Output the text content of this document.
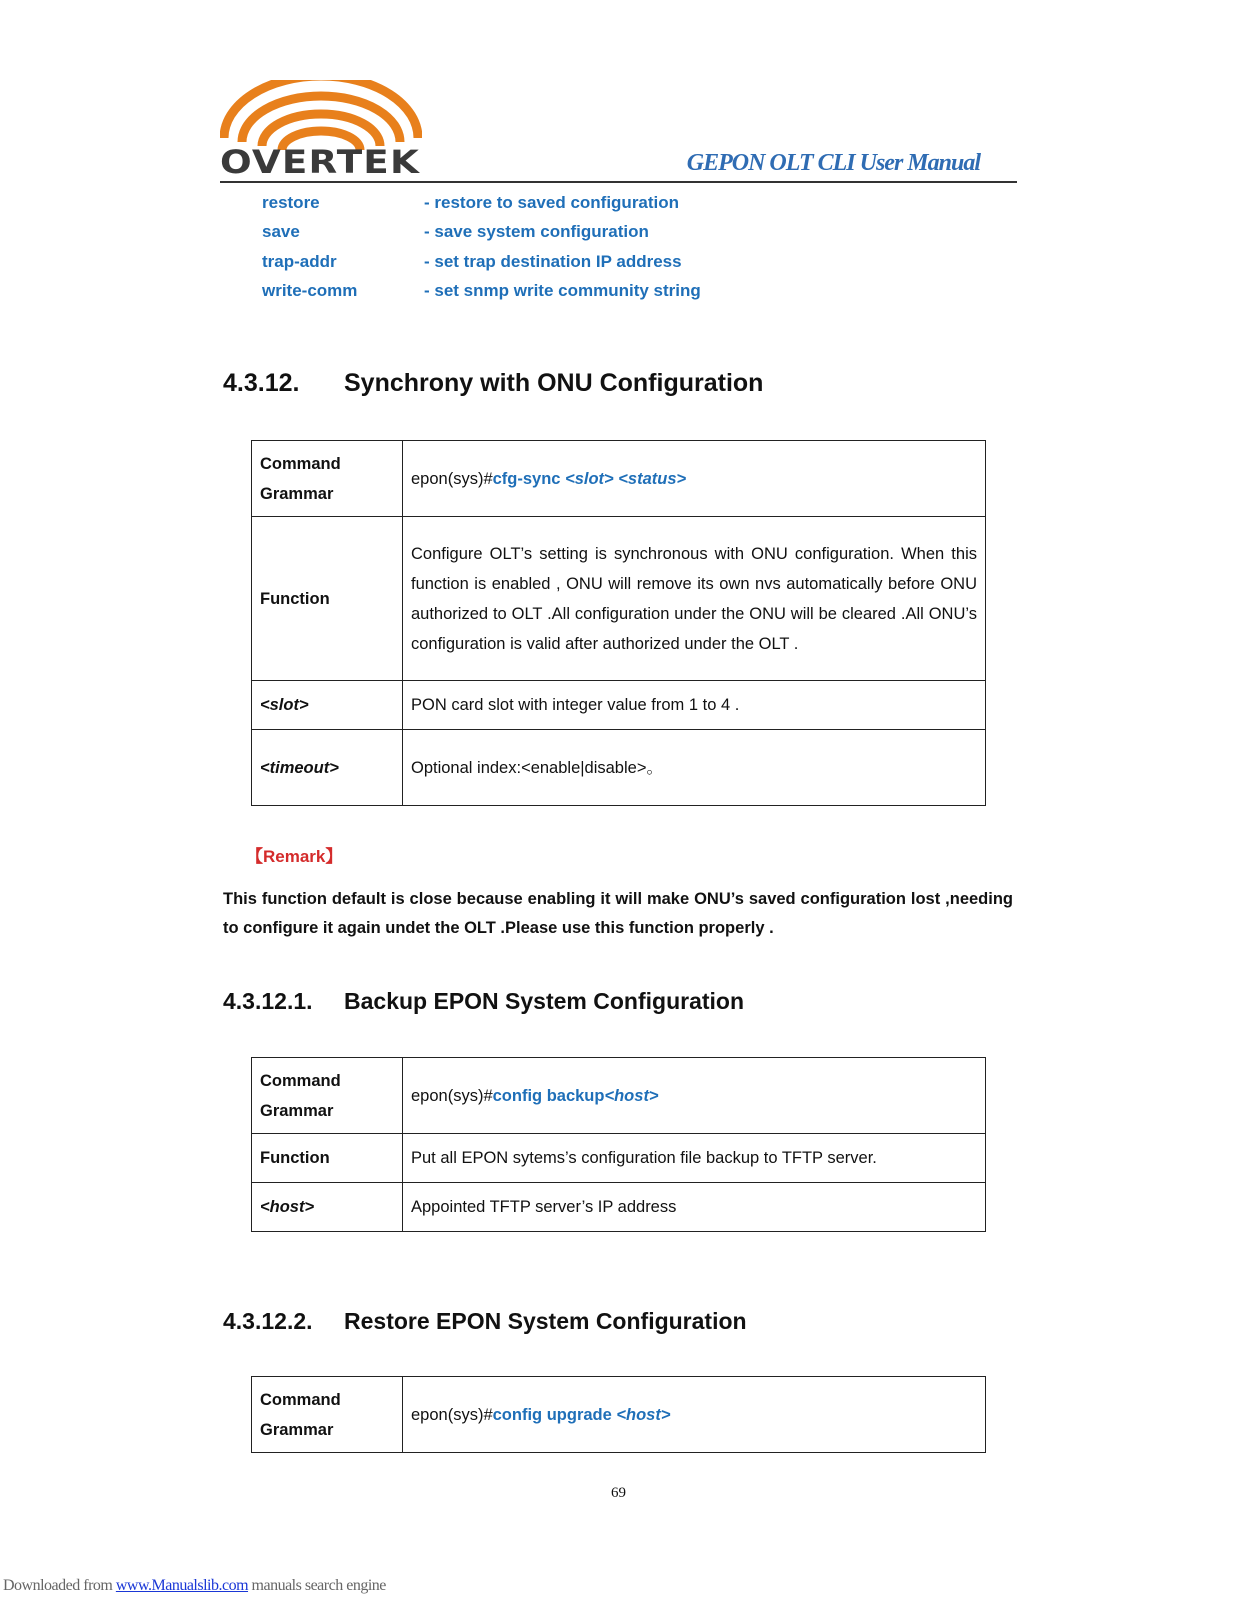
OVERTEK	GEPON OLT CLI User Manual
restore	- restore to saved configuration
save	- save system configuration
trap-addr	- set trap destination IP address
write-comm	- set snmp write community string
4.3.12. Synchrony with ONU Configuration
Command
Grammar	epon(sys)#cfg-sync <slot> <status>
Function	Configure OLT’s setting is synchronous with ONU configuration. When this function is enabled , ONU will remove its own nvs automatically before ONU authorized to OLT .All configuration under the ONU will be cleared .All ONU’s configuration is valid after authorized under the OLT .
<slot>	PON card slot with integer value from 1 to 4 .
<timeout>	Optional index:<enable|disable>。
【Remark】
This function default is close because enabling it will make ONU’s saved configuration lost ,needing to configure it again undet the OLT .Please use this function properly .
4.3.12.1. Backup EPON System Configuration
Command
Grammar	epon(sys)#config backup<host>
Function	Put all EPON sytems’s configuration file backup to TFTP server.
<host>	Appointed TFTP server’s IP address
4.3.12.2. Restore EPON System Configuration
Command
Grammar	epon(sys)#config upgrade <host>
69
Downloaded from www.Manualslib.com manuals search engine
